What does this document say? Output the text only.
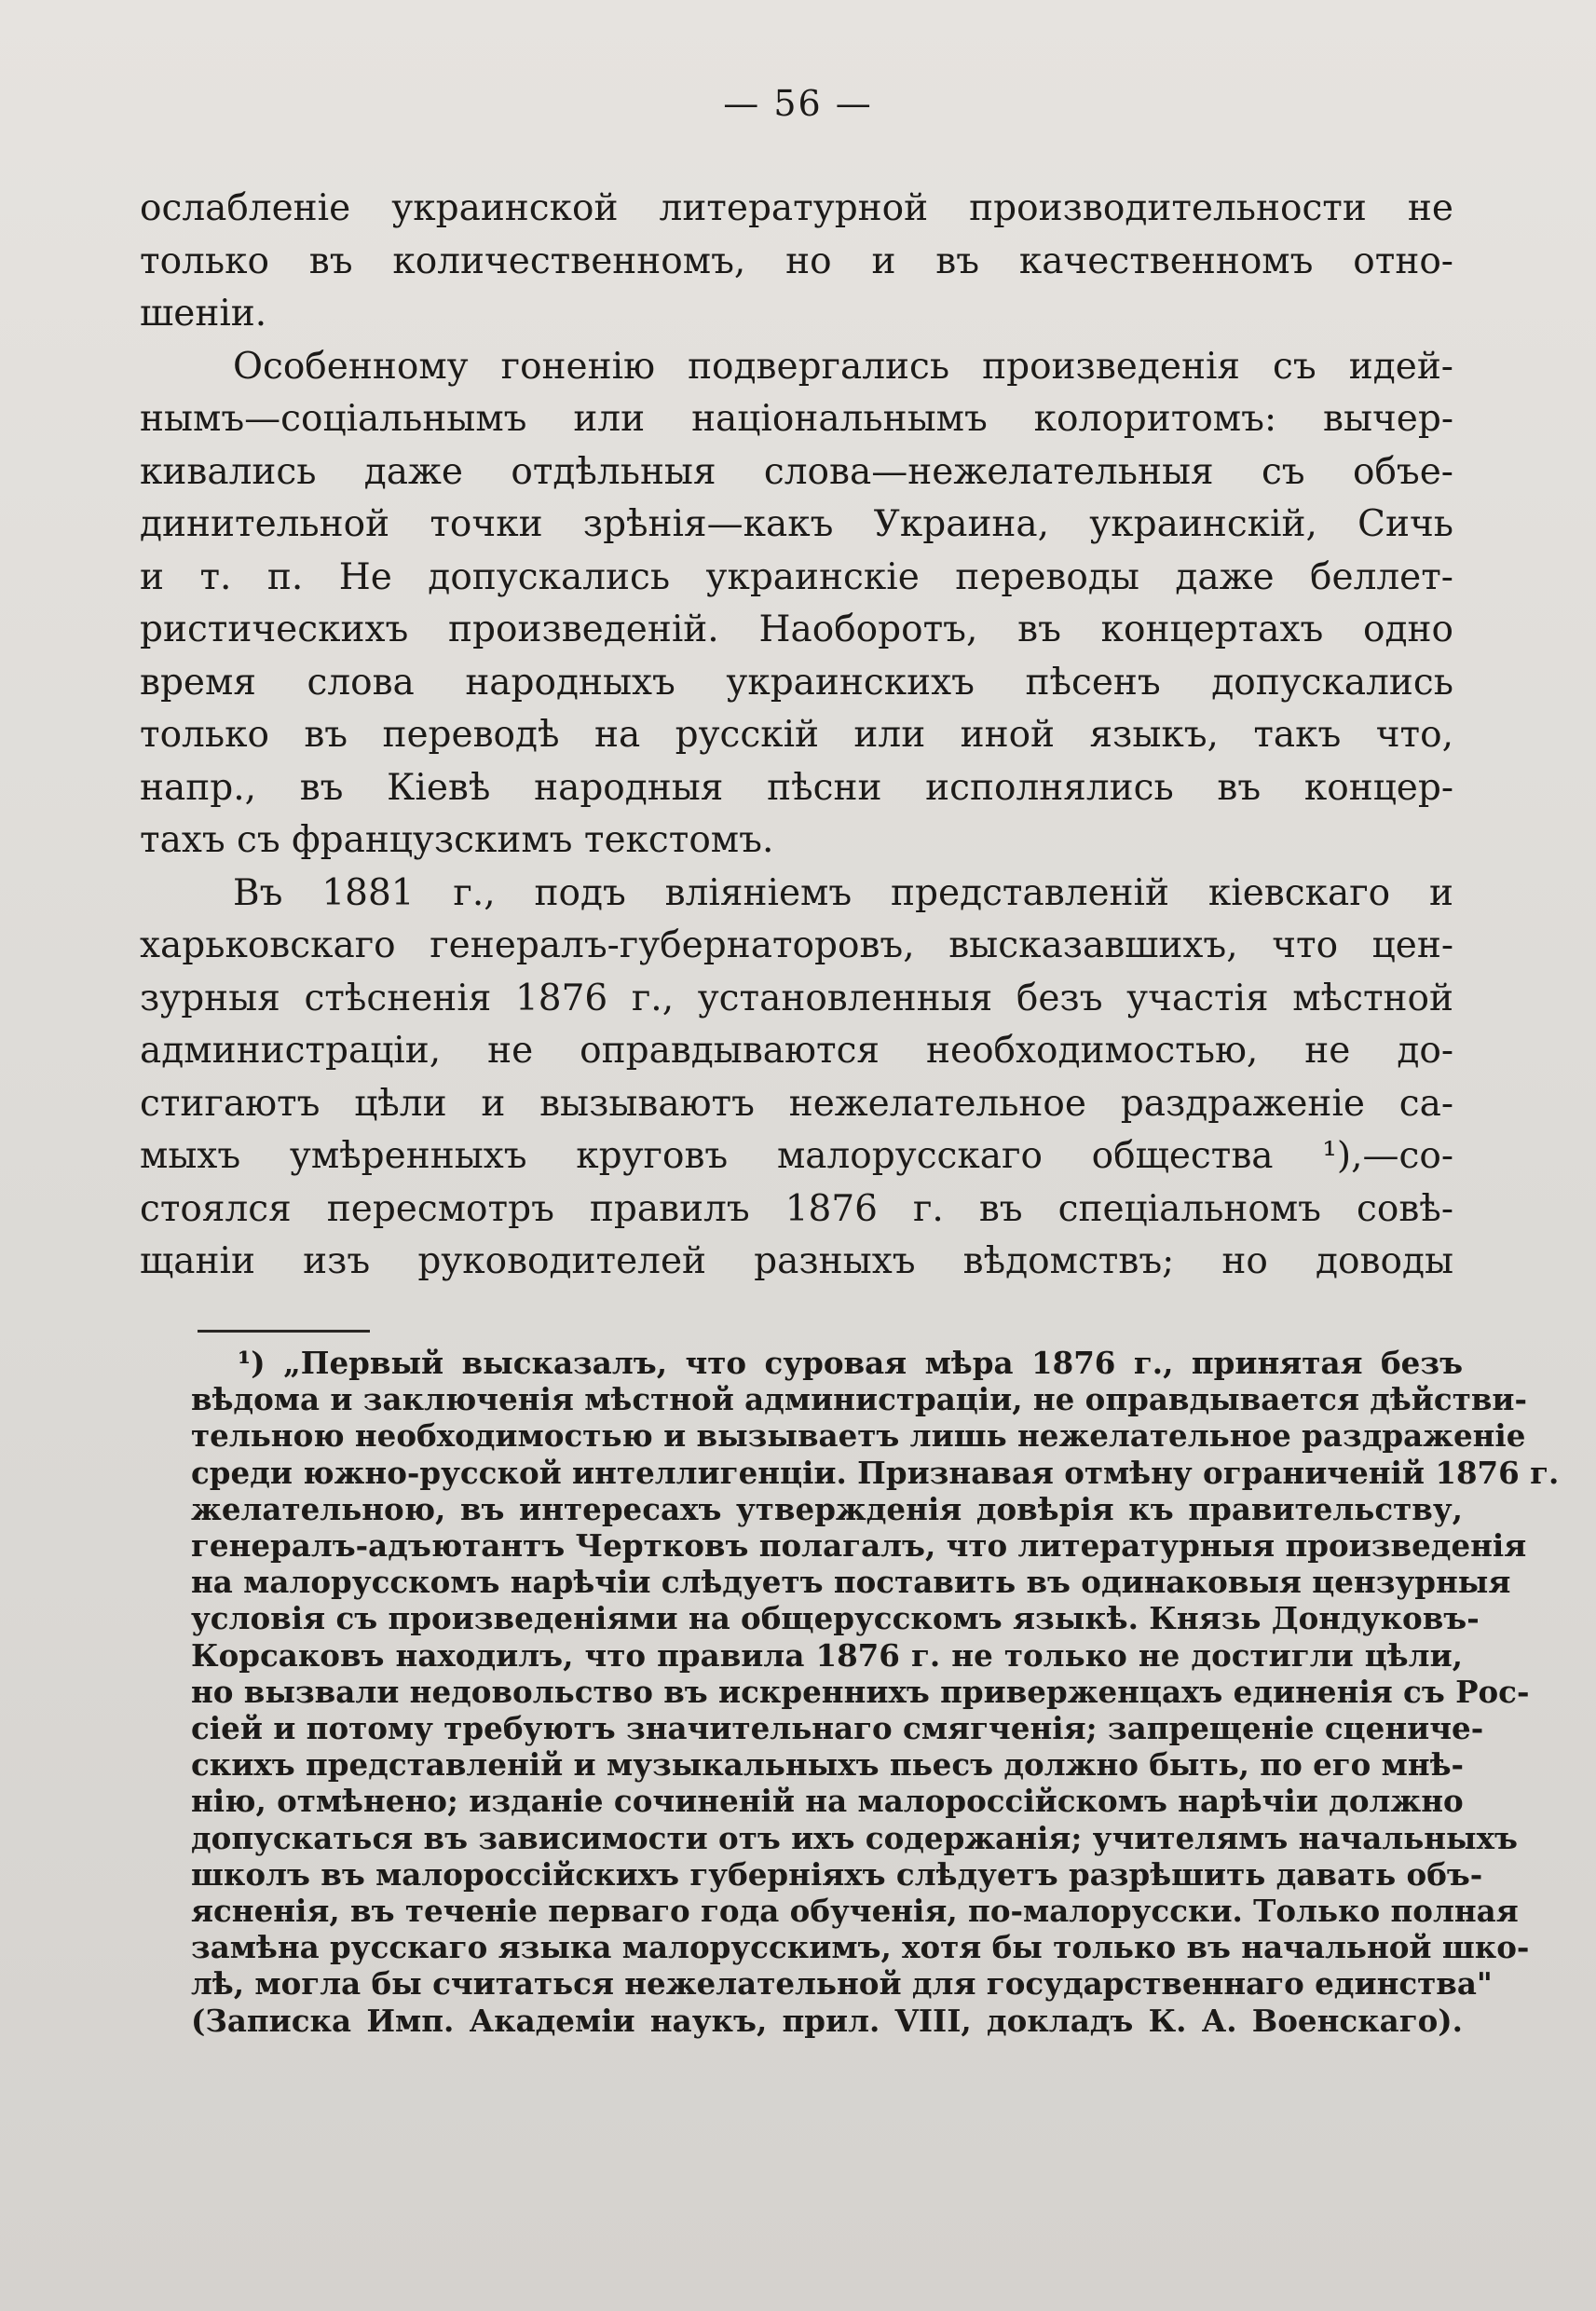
— 56 —
ослабленіе украинской литературной производительности не
только въ количественномъ, но и въ качественномъ отно-
шеніи.
Особенному гоненію подвергались произведенія съ идей-
нымъ—соціальнымъ или національнымъ колоритомъ: вычер-
кивались даже отдѣльныя слова—нежелательныя съ объе-
динительной точки зрѣнія—какъ Украина, украинскій, Сичь
и т. п. Не допускались украинскіе переводы даже беллет-
ристическихъ произведеній. Наоборотъ, въ концертахъ одно
время слова народныхъ украинскихъ пѣсенъ допускались
только въ переводѣ на русскій или иной языкъ, такъ что,
напр., въ Кіевѣ народныя пѣсни исполнялись въ концер-
тахъ съ французскимъ текстомъ.
Въ 1881 г., подъ вліяніемъ представленій кіевскаго и
харьковскаго генералъ-губернаторовъ, высказавшихъ, что цен-
зурныя стѣсненія 1876 г., установленныя безъ участія мѣстной
администраціи, не оправдываются необходимостью, не до-
стигаютъ цѣли и вызываютъ нежелательное раздраженіе са-
мыхъ умѣренныхъ круговъ малорусскаго общества ¹),—со-
стоялся пересмотръ правилъ 1876 г. въ спеціальномъ совѣ-
щаніи изъ руководителей разныхъ вѣдомствъ; но доводы
¹) „Первый высказалъ, что суровая мѣра 1876 г., принятая безъ
вѣдома и заключенія мѣстной администраціи, не оправдывается дѣйстви-
тельною необходимостью и вызываетъ лишь нежелательное раздраженіе
среди южно-русской интеллигенціи. Признавая отмѣну ограниченій 1876 г.
желательною, въ интересахъ утвержденія довѣрія къ правительству,
генералъ-адъютантъ Чертковъ полагалъ, что литературныя произведенія
на малорусскомъ нарѣчіи слѣдуетъ поставить въ одинаковыя цензурныя
условія съ произведеніями на общерусскомъ языкѣ. Князь Дондуковъ-
Корсаковъ находилъ, что правила 1876 г. не только не достигли цѣли,
но вызвали недовольство въ искреннихъ приверженцахъ единенія съ Рос-
сіей и потому требуютъ значительнаго смягченія; запрещеніе сцениче-
скихъ представленій и музыкальныхъ пьесъ должно быть, по его мнѣ-
нію, отмѣнено; изданіе сочиненій на малороссійскомъ нарѣчіи должно
допускаться въ зависимости отъ ихъ содержанія; учителямъ начальныхъ
школъ въ малороссійскихъ губерніяхъ слѣдуетъ разрѣшить давать объ-
ясненія, въ теченіе перваго года обученія, по-малорусски. Только полная
замѣна русскаго языка малорусскимъ, хотя бы только въ начальной шко-
лѣ, могла бы считаться нежелательной для государственнаго единства"
(Записка Имп. Академіи наукъ, прил. VIII, докладъ К. А. Военскаго).
